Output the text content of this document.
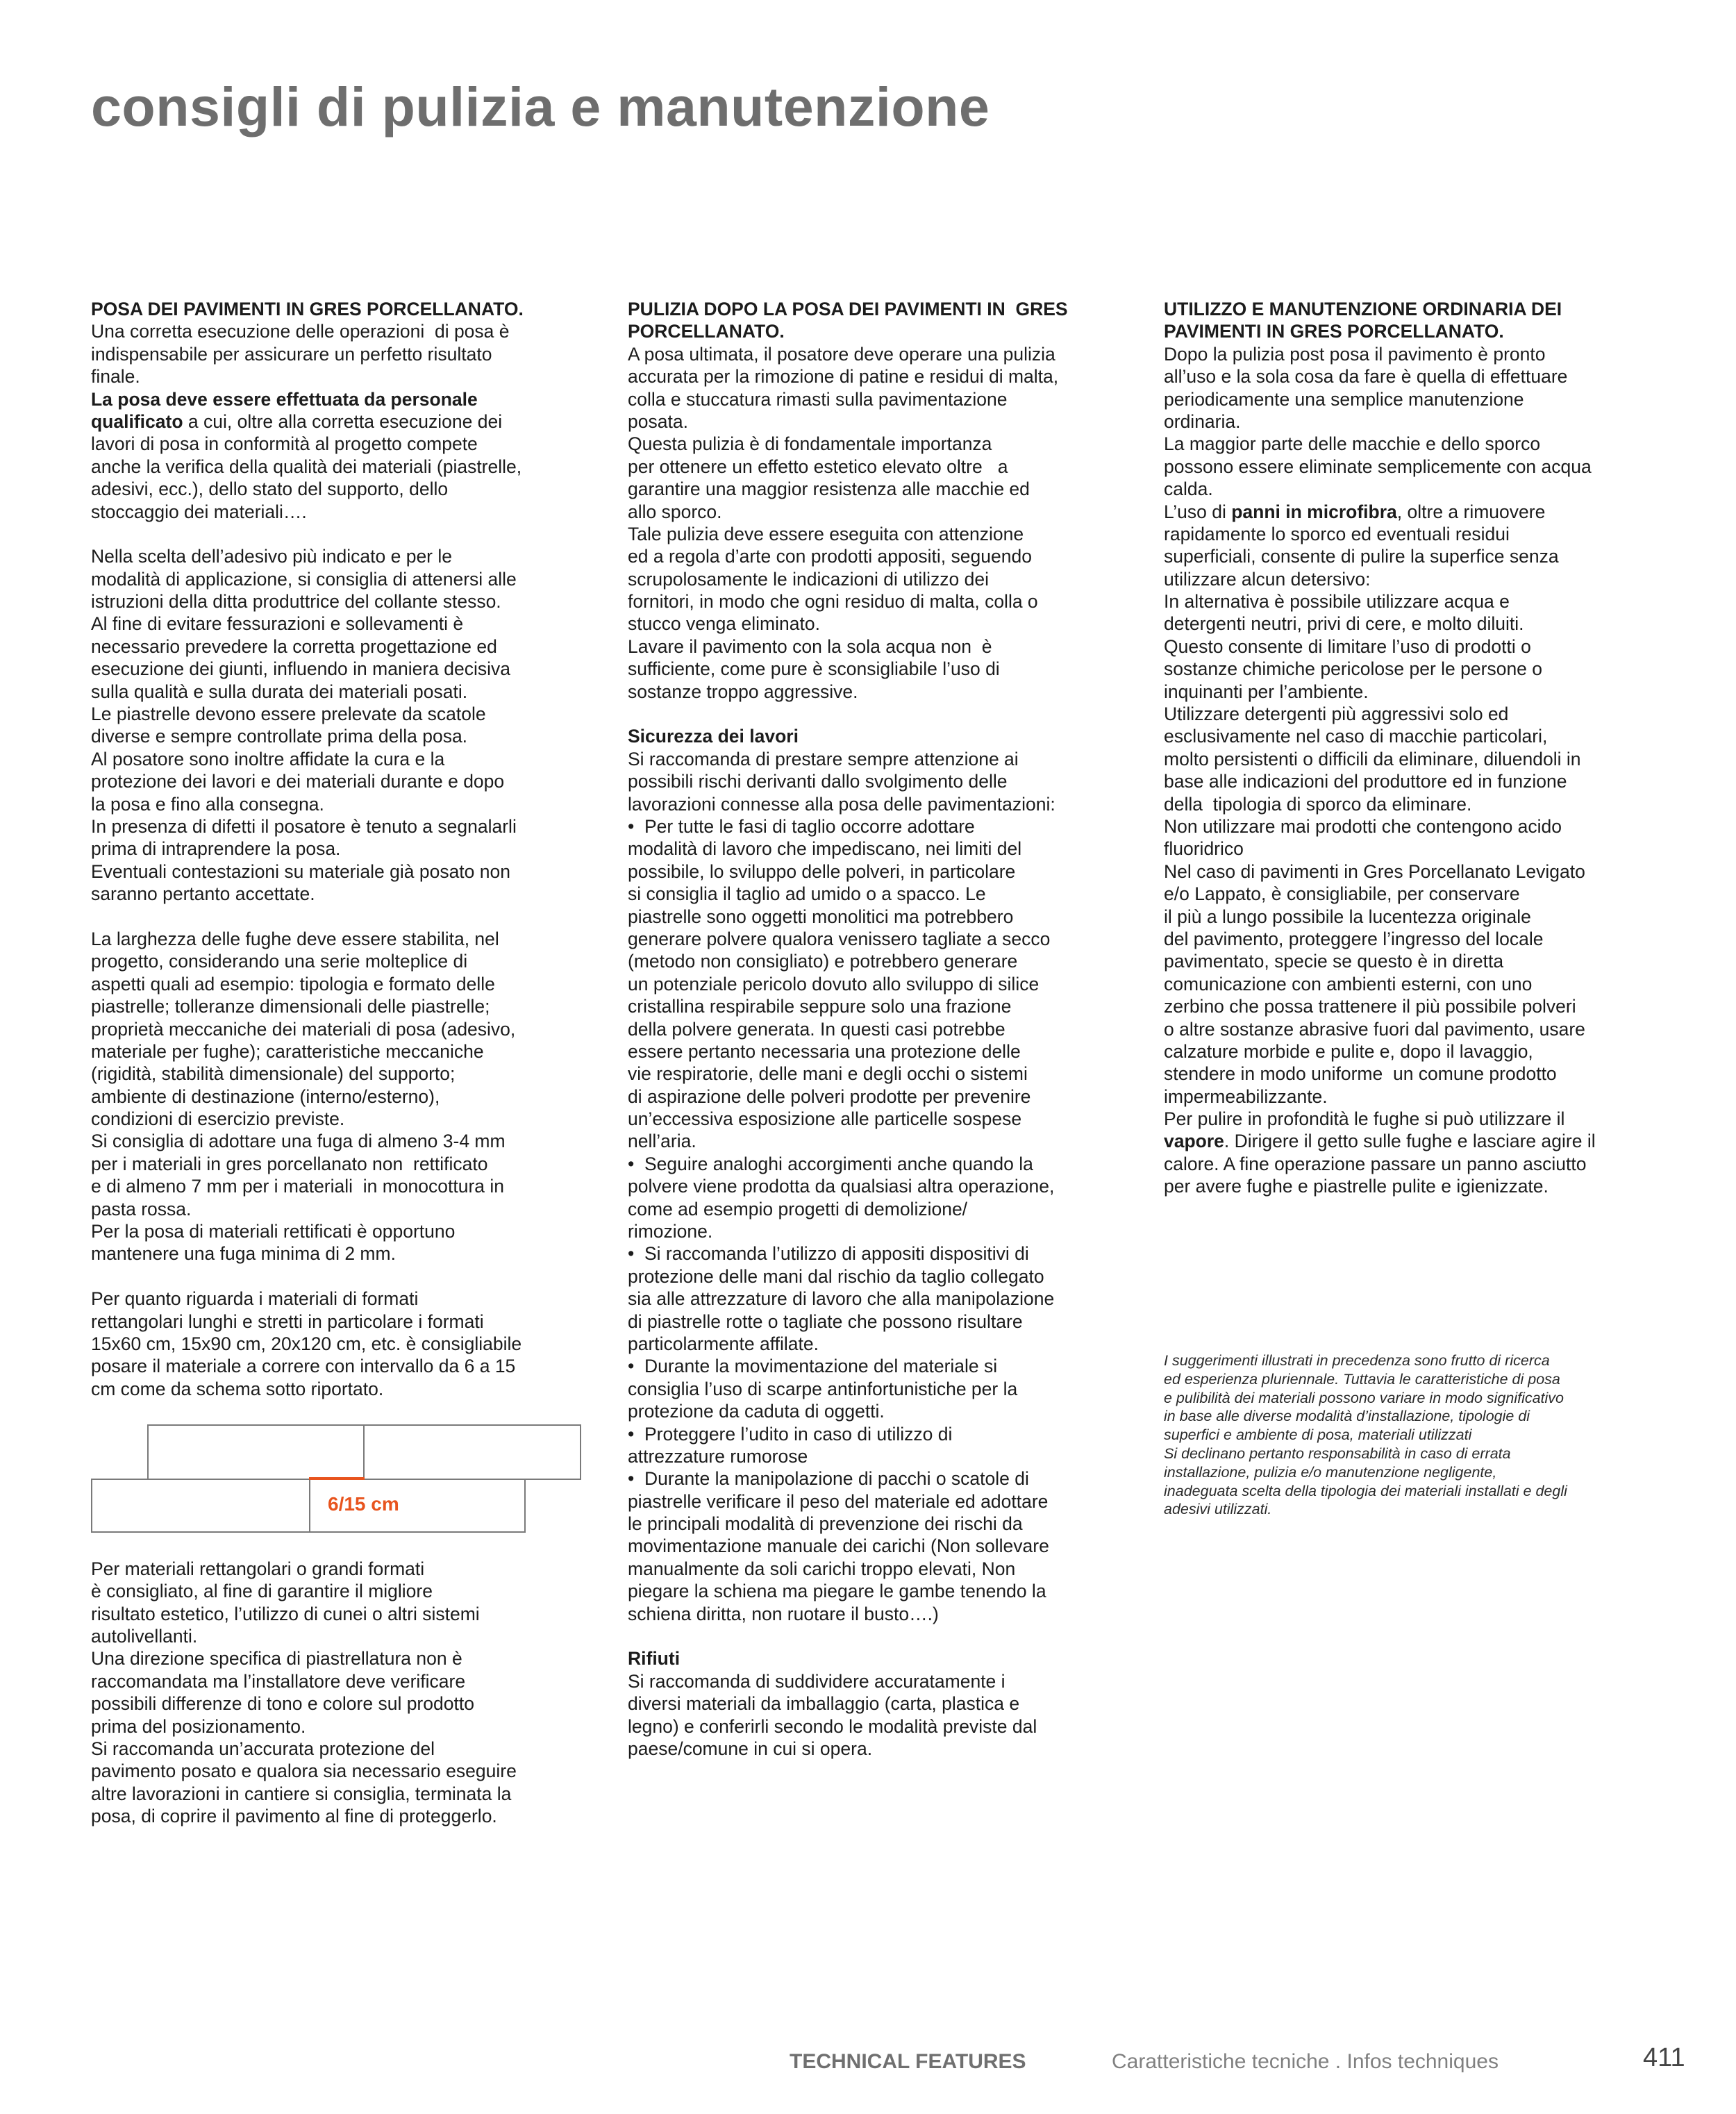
consigli di pulizia e manutenzione
POSA DEI PAVIMENTI IN GRES PORCELLANATO.
Una corretta esecuzione delle operazioni  di posa è
indispensabile per assicurare un perfetto risultato
finale.
La posa deve essere effettuata da personale
qualificato a cui, oltre alla corretta esecuzione dei
lavori di posa in conformità al progetto compete
anche la verifica della qualità dei materiali (piastrelle,
adesivi, ecc.), dello stato del supporto, dello
stoccaggio dei materiali….
Nella scelta dell’adesivo più indicato e per le
modalità di applicazione, si consiglia di attenersi alle
istruzioni della ditta produttrice del collante stesso.
Al fine di evitare fessurazioni e sollevamenti è
necessario prevedere la corretta progettazione ed
esecuzione dei giunti, influendo in maniera decisiva
sulla qualità e sulla durata dei materiali posati.
Le piastrelle devono essere prelevate da scatole
diverse e sempre controllate prima della posa.
Al posatore sono inoltre affidate la cura e la
protezione dei lavori e dei materiali durante e dopo
la posa e fino alla consegna.
In presenza di difetti il posatore è tenuto a segnalarli
prima di intraprendere la posa.
Eventuali contestazioni su materiale già posato non
saranno pertanto accettate.
La larghezza delle fughe deve essere stabilita, nel
progetto, considerando una serie molteplice di
aspetti quali ad esempio: tipologia e formato delle
piastrelle; tolleranze dimensionali delle piastrelle;
proprietà meccaniche dei materiali di posa (adesivo,
materiale per fughe); caratteristiche meccaniche
(rigidità, stabilità dimensionale) del supporto;
ambiente di destinazione (interno/esterno),
condizioni di esercizio previste.
Si consiglia di adottare una fuga di almeno 3-4 mm
per i materiali in gres porcellanato non  rettificato
e di almeno 7 mm per i materiali  in monocottura in
pasta rossa.
Per la posa di materiali rettificati è opportuno
mantenere una fuga minima di 2 mm.
Per quanto riguarda i materiali di formati
rettangolari lunghi e stretti in particolare i formati
15x60 cm, 15x90 cm, 20x120 cm, etc. è consigliabile
posare il materiale a correre con intervallo da 6 a 15
cm come da schema sotto riportato.
Per materiali rettangolari o grandi formati
è consigliato, al fine di garantire il migliore
risultato estetico, l’utilizzo di cunei o altri sistemi
autolivellanti.
Una direzione specifica di piastrellatura non è
raccomandata ma l’installatore deve verificare
possibili differenze di tono e colore sul prodotto
prima del posizionamento.
Si raccomanda un’accurata protezione del
pavimento posato e qualora sia necessario eseguire
altre lavorazioni in cantiere si consiglia, terminata la
posa, di coprire il pavimento al fine di proteggerlo.
PULIZIA DOPO LA POSA DEI PAVIMENTI IN  GRES
PORCELLANATO.
A posa ultimata, il posatore deve operare una pulizia
accurata per la rimozione di patine e residui di malta,
colla e stuccatura rimasti sulla pavimentazione
posata.
Questa pulizia è di fondamentale importanza
per ottenere un effetto estetico elevato oltre   a
garantire una maggior resistenza alle macchie ed
allo sporco.
Tale pulizia deve essere eseguita con attenzione
ed a regola d’arte con prodotti appositi, seguendo
scrupolosamente le indicazioni di utilizzo dei
fornitori, in modo che ogni residuo di malta, colla o
stucco venga eliminato.
Lavare il pavimento con la sola acqua non  è
sufficiente, come pure è sconsigliabile l’uso di
sostanze troppo aggressive.
Sicurezza dei lavori
Si raccomanda di prestare sempre attenzione ai
possibili rischi derivanti dallo svolgimento delle
lavorazioni connesse alla posa delle pavimentazioni:
•  Per tutte le fasi di taglio occorre adottare
modalità di lavoro che impediscano, nei limiti del
possibile, lo sviluppo delle polveri, in particolare
si consiglia il taglio ad umido o a spacco. Le
piastrelle sono oggetti monolitici ma potrebbero
generare polvere qualora venissero tagliate a secco
(metodo non consigliato) e potrebbero generare
un potenziale pericolo dovuto allo sviluppo di silice
cristallina respirabile seppure solo una frazione
della polvere generata. In questi casi potrebbe
essere pertanto necessaria una protezione delle
vie respiratorie, delle mani e degli occhi o sistemi
di aspirazione delle polveri prodotte per prevenire
un’eccessiva esposizione alle particelle sospese
nell’aria.
•  Seguire analoghi accorgimenti anche quando la
polvere viene prodotta da qualsiasi altra operazione,
come ad esempio progetti di demolizione/
rimozione.
•  Si raccomanda l’utilizzo di appositi dispositivi di
protezione delle mani dal rischio da taglio collegato
sia alle attrezzature di lavoro che alla manipolazione
di piastrelle rotte o tagliate che possono risultare
particolarmente affilate.
•  Durante la movimentazione del materiale si
consiglia l’uso di scarpe antinfortunistiche per la
protezione da caduta di oggetti.
•  Proteggere l’udito in caso di utilizzo di
attrezzature rumorose
•  Durante la manipolazione di pacchi o scatole di
piastrelle verificare il peso del materiale ed adottare
le principali modalità di prevenzione dei rischi da
movimentazione manuale dei carichi (Non sollevare
manualmente da soli carichi troppo elevati, Non
piegare la schiena ma piegare le gambe tenendo la
schiena diritta, non ruotare il busto….)
Rifiuti
Si raccomanda di suddividere accuratamente i
diversi materiali da imballaggio (carta, plastica e
legno) e conferirli secondo le modalità previste dal
paese/comune in cui si opera.
UTILIZZO E MANUTENZIONE ORDINARIA DEI
PAVIMENTI IN GRES PORCELLANATO.
Dopo la pulizia post posa il pavimento è pronto
all’uso e la sola cosa da fare è quella di effettuare
periodicamente una semplice manutenzione
ordinaria.
La maggior parte delle macchie e dello sporco
possono essere eliminate semplicemente con acqua
calda.
L’uso di panni in microfibra, oltre a rimuovere
rapidamente lo sporco ed eventuali residui
superficiali, consente di pulire la superfice senza
utilizzare alcun detersivo:
In alternativa è possibile utilizzare acqua e
detergenti neutri, privi di cere, e molto diluiti.
Questo consente di limitare l’uso di prodotti o
sostanze chimiche pericolose per le persone o
inquinanti per l’ambiente.
Utilizzare detergenti più aggressivi solo ed
esclusivamente nel caso di macchie particolari,
molto persistenti o difficili da eliminare, diluendoli in
base alle indicazioni del produttore ed in funzione
della  tipologia di sporco da eliminare.
Non utilizzare mai prodotti che contengono acido
fluoridrico
Nel caso di pavimenti in Gres Porcellanato Levigato
e/o Lappato, è consigliabile, per conservare
il più a lungo possibile la lucentezza originale
del pavimento, proteggere l’ingresso del locale
pavimentato, specie se questo è in diretta
comunicazione con ambienti esterni, con uno
zerbino che possa trattenere il più possibile polveri
o altre sostanze abrasive fuori dal pavimento, usare
calzature morbide e pulite e, dopo il lavaggio,
stendere in modo uniforme  un comune prodotto
impermeabilizzante.
Per pulire in profondità le fughe si può utilizzare il
vapore. Dirigere il getto sulle fughe e lasciare agire il
calore. A fine operazione passare un panno asciutto
per avere fughe e piastrelle pulite e igienizzate.
6/15 cm
I suggerimenti illustrati in precedenza sono frutto di ricerca
ed esperienza pluriennale. Tuttavia le caratteristiche di posa
e pulibilità dei materiali possono variare in modo significativo
in base alle diverse modalità d’installazione, tipologie di
superfici e ambiente di posa, materiali utilizzati
Si declinano pertanto responsabilità in caso di errata
installazione, pulizia e/o manutenzione negligente,
inadeguata scelta della tipologia dei materiali installati e degli
adesivi utilizzati.
TECHNICAL FEATURES	Caratteristiche tecniche . Infos techniques	411
